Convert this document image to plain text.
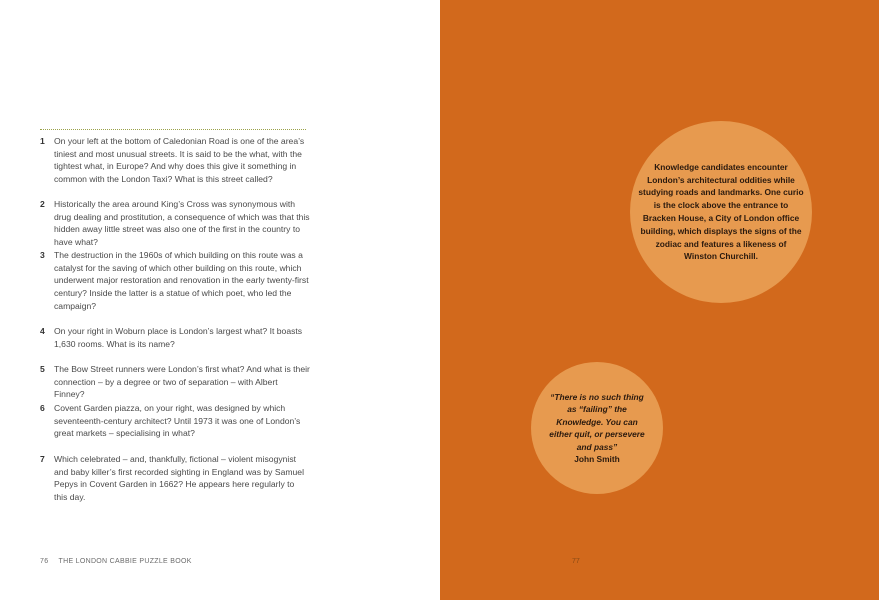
1 On your left at the bottom of Caledonian Road is one of the area’s tiniest and most unusual streets. It is said to be the what, with the tightest what, in Europe? And why does this give it something in common with the London Taxi? What is this street called?
2 Historically the area around King’s Cross was synonymous with drug dealing and prostitution, a consequence of which was that this hidden away little street was also one of the first in the country to have what?
3 The destruction in the 1960s of which building on this route was a catalyst for the saving of which other building on this route, which underwent major restoration and renovation in the early twenty-first century? Inside the latter is a statue of which poet, who led the campaign?
4 On your right in Woburn place is London’s largest what? It boasts 1,630 rooms. What is its name?
5 The Bow Street runners were London’s first what? And what is their connection – by a degree or two of separation – with Albert Finney?
6 Covent Garden piazza, on your right, was designed by which seventeenth-century architect? Until 1973 it was one of London’s great markets – specialising in what?
7 Which celebrated – and, thankfully, fictional – violent misogynist and baby killer’s first recorded sighting in England was by Samuel Pepys in Covent Garden in 1662? He appears here regularly to this day.
76 THE LONDON CABBIE PUZZLE BOOK	77
Knowledge candidates encounter London’s architectural oddities while studying roads and landmarks. One curio is the clock above the entrance to Bracken House, a City of London office building, which displays the signs of the zodiac and features a likeness of Winston Churchill.
“There is no such thing as “failing” the Knowledge. You can either quit, or persevere and pass”
John Smith
